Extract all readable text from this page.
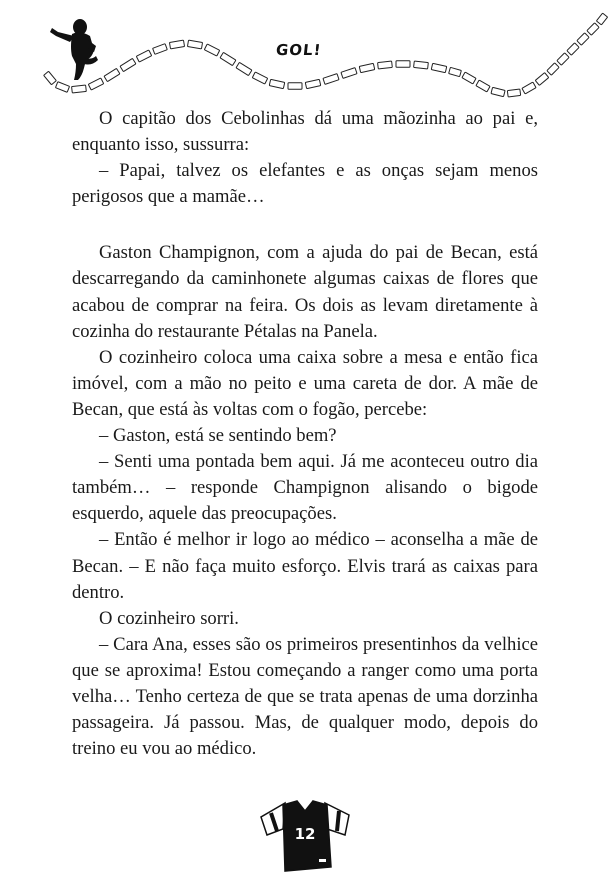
GOL!

O capitão dos Cebolinhas dá uma mãozinha ao pai e, enquanto isso, sussurra:

– Papai, talvez os elefantes e as onças sejam menos perigosos que a mamãe…

Gaston Champignon, com a ajuda do pai de Becan, está descarregando da caminhonete algumas caixas de flores que acabou de comprar na feira. Os dois as levam diretamente à cozinha do restaurante Pétalas na Panela.

O cozinheiro coloca uma caixa sobre a mesa e então fica imóvel, com a mão no peito e uma careta de dor. A mãe de Becan, que está às voltas com o fogão, percebe:

– Gaston, está se sentindo bem?

– Senti uma pontada bem aqui. Já me aconteceu outro dia também… – responde Champignon alisando o bigode esquerdo, aquele das preocupações.

– Então é melhor ir logo ao médico – aconselha a mãe de Becan. – E não faça muito esforço. Elvis trará as caixas para dentro.

O cozinheiro sorri.

– Cara Ana, esses são os primeiros presentinhos da velhice que se aproxima! Estou começando a ranger como uma porta velha… Tenho certeza de que se trata apenas de uma dorzinha passageira. Já passou. Mas, de qualquer modo, depois do treino eu vou ao médico.

12
